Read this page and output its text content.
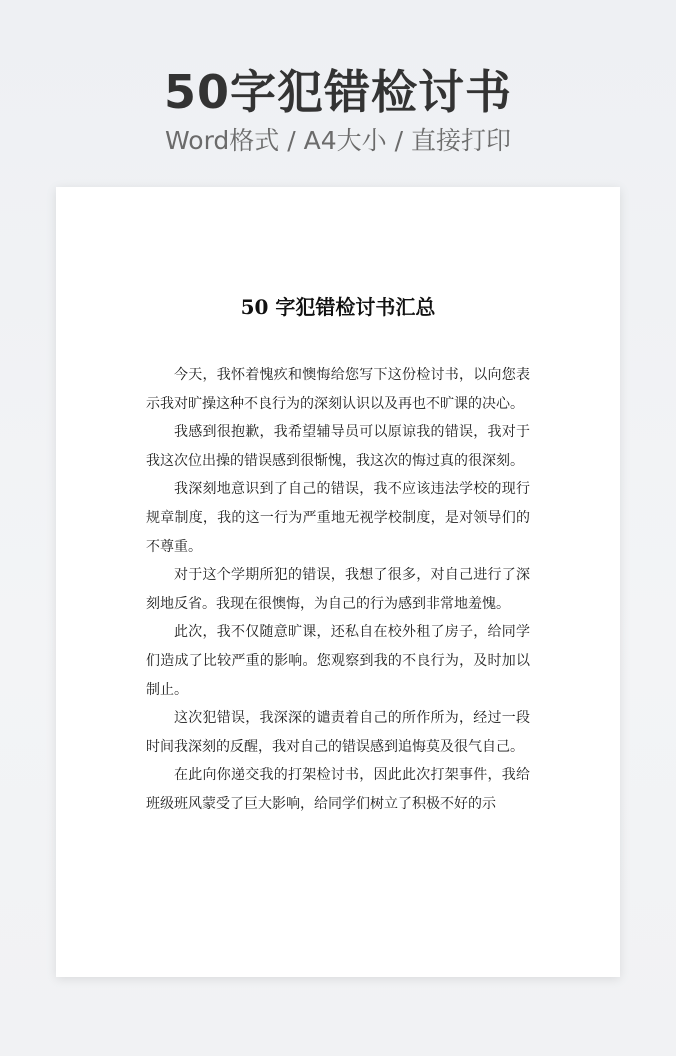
50字犯错检讨书
Word格式 / A4大小 / 直接打印
50 字犯错检讨书汇总

今天，我怀着愧疚和懊悔给您写下这份检讨书，以向您表示我对旷操这种不良行为的深刻认识以及再也不旷课的决心。

我感到很抱歉，我希望辅导员可以原谅我的错误，我对于我这次位出操的错误感到很惭愧，我这次的悔过真的很深刻。

我深刻地意识到了自己的错误，我不应该违法学校的现行规章制度，我的这一行为严重地无视学校制度，是对领导们的不尊重。

对于这个学期所犯的错误，我想了很多，对自己进行了深刻地反省。我现在很懊悔，为自己的行为感到非常地羞愧。

此次，我不仅随意旷课，还私自在校外租了房子，给同学们造成了比较严重的影响。您观察到我的不良行为，及时加以制止。

这次犯错误，我深深的谴责着自己的所作所为，经过一段时间我深刻的反醒，我对自己的错误感到追悔莫及很气自己。

在此向你递交我的打架检讨书，因此此次打架事件，我给班级班风蒙受了巨大影响，给同学们树立了积极不好的示
